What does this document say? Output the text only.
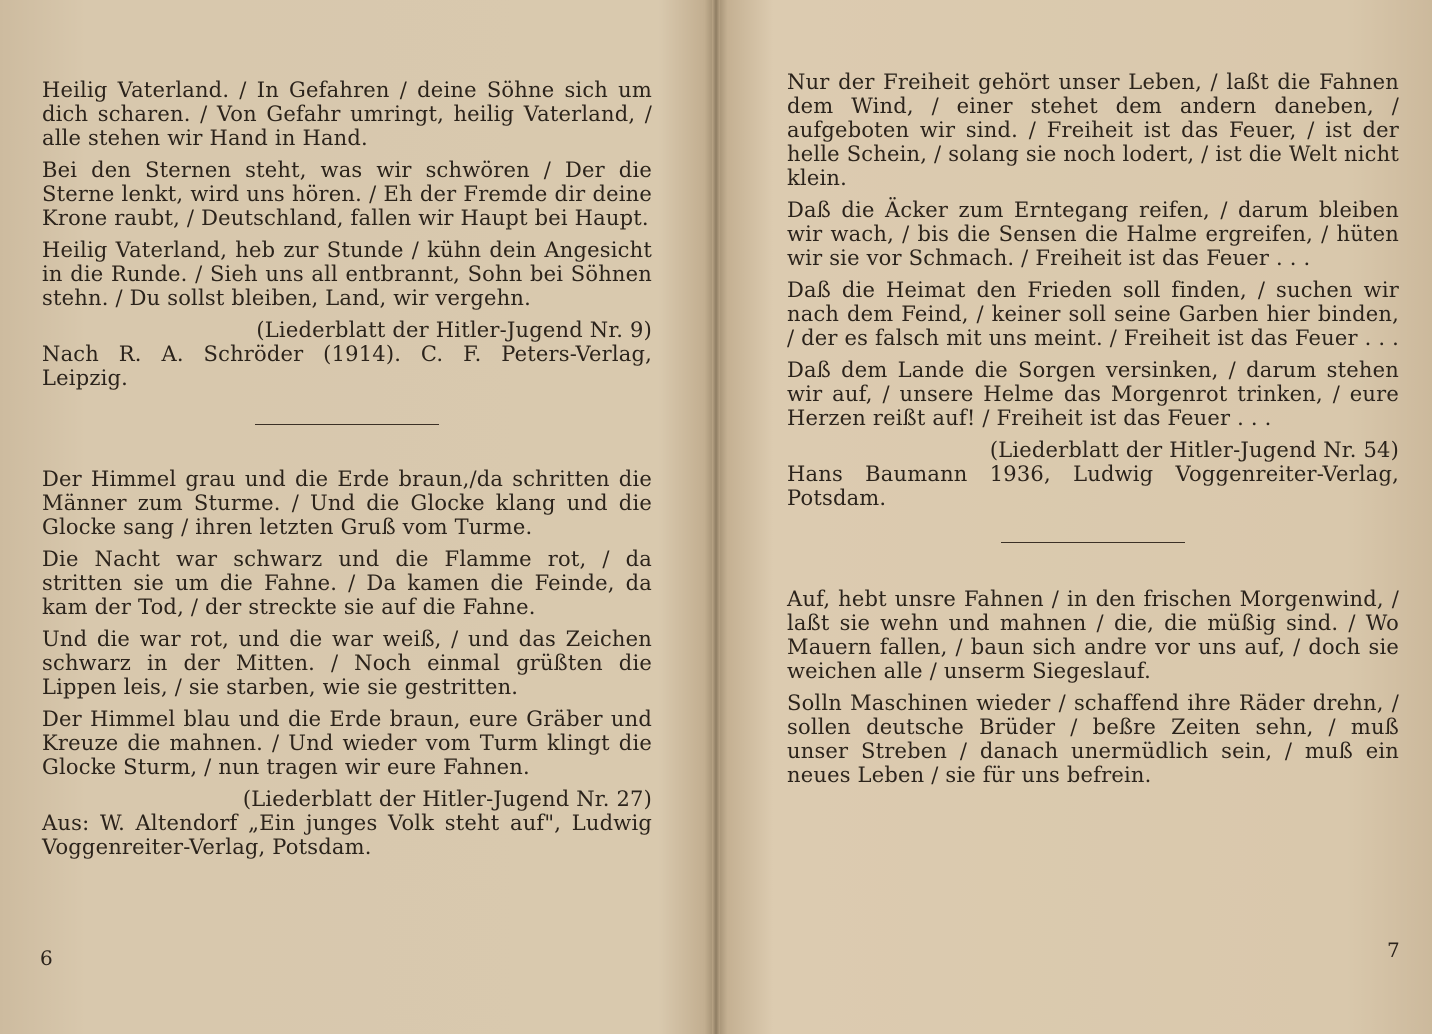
Heilig Vaterland. / In Gefahren / deine Söhne sich um dich scharen. / Von Gefahr umringt, heilig Vaterland, / alle stehen wir Hand in Hand.

Bei den Sternen steht, was wir schwören / Der die Sterne lenkt, wird uns hören. / Eh der Fremde dir deine Krone raubt, / Deutschland, fallen wir Haupt bei Haupt.

Heilig Vaterland, heb zur Stunde / kühn dein Angesicht in die Runde. / Sieh uns all entbrannt, Sohn bei Söhnen stehn. / Du sollst bleiben, Land, wir vergehn.

(Liederblatt der Hitler-Jugend Nr. 9)

Nach R. A. Schröder (1914). C. F. Peters-Verlag, Leipzig.

Der Himmel grau und die Erde braun,/da schritten die Männer zum Sturme. / Und die Glocke klang und die Glocke sang / ihren letzten Gruß vom Turme.

Die Nacht war schwarz und die Flamme rot, / da stritten sie um die Fahne. / Da kamen die Feinde, da kam der Tod, / der streckte sie auf die Fahne.

Und die war rot, und die war weiß, / und das Zeichen schwarz in der Mitten. / Noch einmal grüßten die Lippen leis, / sie starben, wie sie gestritten.

Der Himmel blau und die Erde braun, eure Gräber und Kreuze die mahnen. / Und wieder vom Turm klingt die Glocke Sturm, / nun tragen wir eure Fahnen.

(Liederblatt der Hitler-Jugend Nr. 27)

Aus: W. Altendorf „Ein junges Volk steht auf", Ludwig Voggenreiter-Verlag, Potsdam.

6

Nur der Freiheit gehört unser Leben, / laßt die Fahnen dem Wind, / einer stehet dem andern daneben, / aufgeboten wir sind. / Freiheit ist das Feuer, / ist der helle Schein, / solang sie noch lodert, / ist die Welt nicht klein.

Daß die Äcker zum Erntegang reifen, / darum bleiben wir wach, / bis die Sensen die Halme ergreifen, / hüten wir sie vor Schmach. / Freiheit ist das Feuer . . .

Daß die Heimat den Frieden soll finden, / suchen wir nach dem Feind, / keiner soll seine Garben hier binden, / der es falsch mit uns meint. / Freiheit ist das Feuer . . .

Daß dem Lande die Sorgen versinken, / darum stehen wir auf, / unsere Helme das Morgenrot trinken, / eure Herzen reißt auf! / Freiheit ist das Feuer . . .

(Liederblatt der Hitler-Jugend Nr. 54)

Hans Baumann 1936, Ludwig Voggenreiter-Verlag, Potsdam.

Auf, hebt unsre Fahnen / in den frischen Morgenwind, / laßt sie wehn und mahnen / die, die müßig sind. / Wo Mauern fallen, / baun sich andre vor uns auf, / doch sie weichen alle / unserm Siegeslauf.

Solln Maschinen wieder / schaffend ihre Räder drehn, / sollen deutsche Brüder / beßre Zeiten sehn, / muß unser Streben / danach unermüdlich sein, / muß ein neues Leben / sie für uns befrein.

7
